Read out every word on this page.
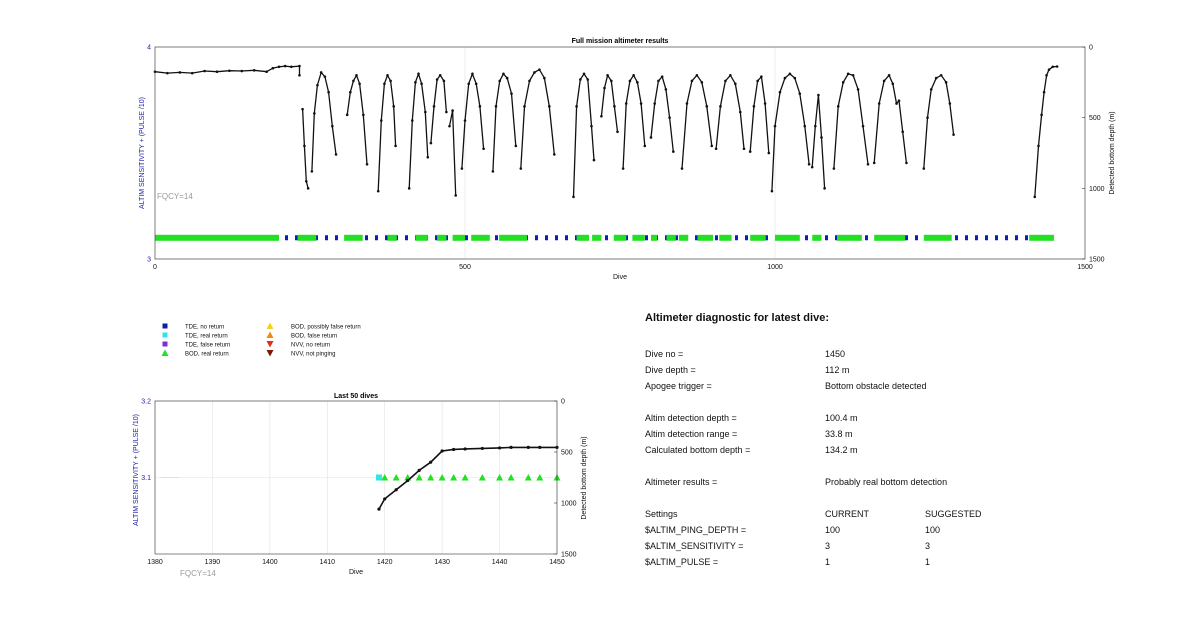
Full mission altimeter results
0	500	1000	1500
3
4	0
500
1000
1500
Dive
ALTIM SENSITIVITY + (PULSE /10)	Detected bottom depth (m)
FQCY=14
TDE, no return
TDE, real return
TDE, false return
BOD, real return
BOD, possibly false return
BOD, false return
NVV, no return
NVV, not pinging
Last 50 dives
1380	1390	1400	1410	1420	1430	1440	1450
3.1
3.2	0
500
1000
1500
Dive
ALTIM SENSITIVITY + (PULSE /10)	Detected bottom depth (m)
FQCY=14
Altimeter diagnostic for latest dive:
Dive no =	1450
Dive depth =	112 m
Apogee trigger =	Bottom obstacle detected
Altim detection depth =	100.4 m
Altim detection range =	33.8 m
Calculated bottom depth =	134.2 m
Altimeter results =	Probably real bottom detection
Settings	CURRENT	SUGGESTED
$ALTIM_PING_DEPTH =	100	100
$ALTIM_SENSITIVITY =	3	3
$ALTIM_PULSE =	1	1
